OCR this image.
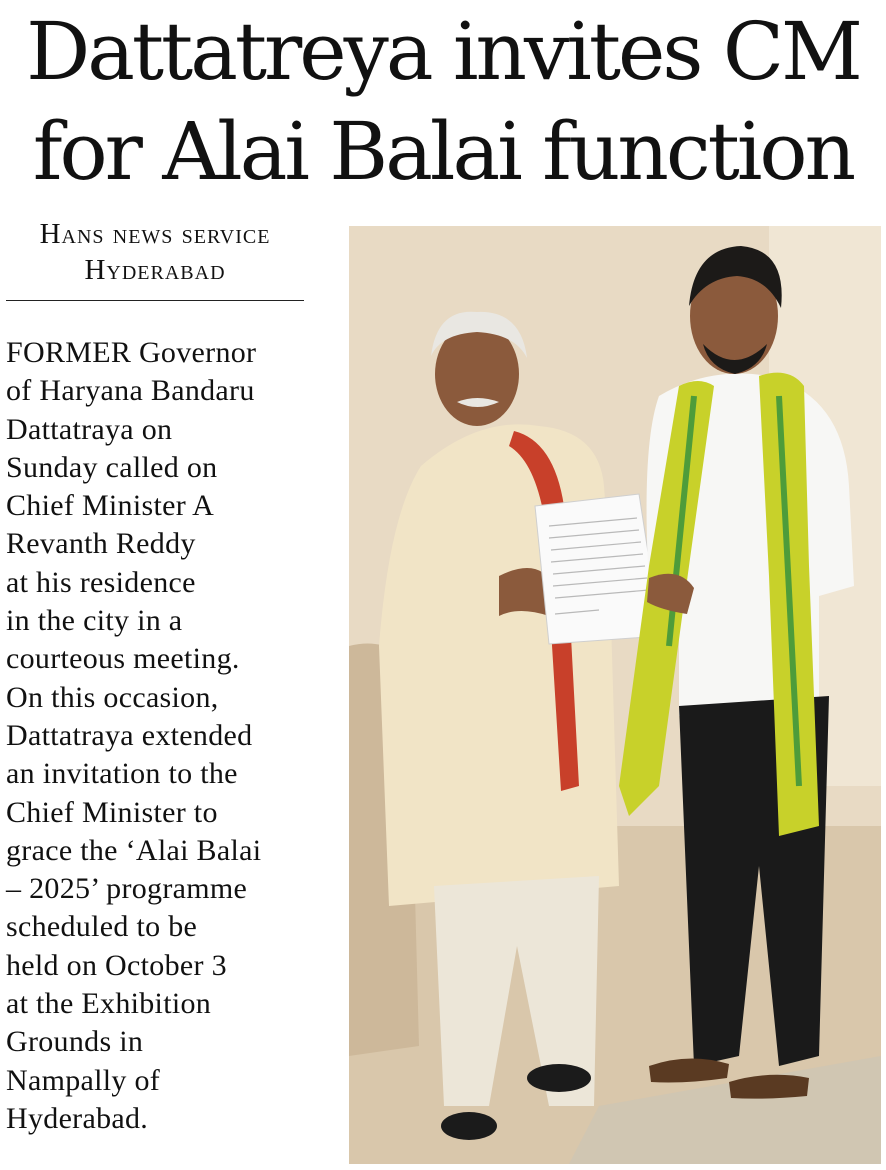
Dattatreya invites CM
for Alai Balai function
Hans news service
Hyderabad
FORMER Governor
of Haryana Bandaru
Dattatraya on
Sunday called on
Chief Minister A
Revanth Reddy
at his residence
in the city in a
courteous meeting.
On this occasion,
Dattatraya extended
an invitation to the
Chief Minister to
grace the ‘Alai Balai
– 2025’ programme
scheduled to be
held on October 3
at the Exhibition
Grounds in
Nampally of
Hyderabad.
